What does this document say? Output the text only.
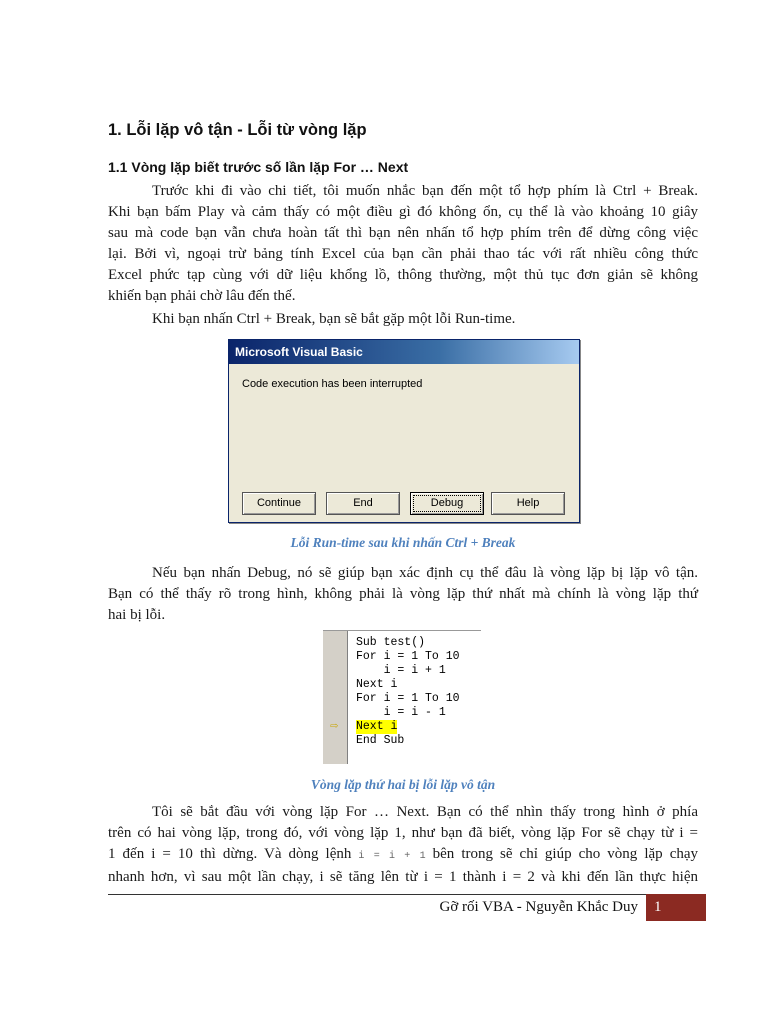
1. Lỗi lặp vô tận - Lỗi từ vòng lặp
1.1 Vòng lặp biết trước số lần lặp For … Next
Trước khi đi vào chi tiết, tôi muốn nhắc bạn đến một tổ hợp phím là Ctrl + Break.
Khi bạn bấm Play và cảm thấy có một điều gì đó không ổn, cụ thể là vào khoảng 10 giây
sau mà code bạn vẫn chưa hoàn tất thì bạn nên nhấn tổ hợp phím trên để dừng công việc
lại. Bởi vì, ngoại trừ bảng tính Excel của bạn cần phải thao tác với rất nhiều công thức
Excel phức tạp cùng với dữ liệu khổng lồ, thông thường, một thủ tục đơn giản sẽ không
khiến bạn phải chờ lâu đến thế.
Khi bạn nhấn Ctrl + Break, bạn sẽ bắt gặp một lỗi Run-time.
Microsoft Visual Basic
Code execution has been interrupted
Continue	End	Debug	Help

Lỗi Run-time sau khi nhấn Ctrl + Break

Nếu bạn nhấn Debug, nó sẽ giúp bạn xác định cụ thể đâu là vòng lặp bị lặp vô tận.
Bạn có thể thấy rõ trong hình, không phải là vòng lặp thứ nhất mà chính là vòng lặp thứ
hai bị lỗi.
⇨
Sub test()
For i = 1 To 10
i = i + 1
Next i
For i = 1 To 10
i = i - 1
Next i
End Sub

Vòng lặp thứ hai bị lỗi lặp vô tận

Tôi sẽ bắt đầu với vòng lặp For … Next. Bạn có thể nhìn thấy trong hình ở phía
trên có hai vòng lặp, trong đó, với vòng lặp 1, như bạn đã biết, vòng lặp For sẽ chạy từ i =
1 đến i = 10 thì dừng. Và dòng lệnh i = i + 1 bên trong sẽ chỉ giúp cho vòng lặp chạy
nhanh hơn, vì sau một lần chạy, i sẽ tăng lên từ i = 1 thành i = 2 và khi đến lần thực hiện
Gỡ rối VBA - Nguyễn Khắc Duy	1
